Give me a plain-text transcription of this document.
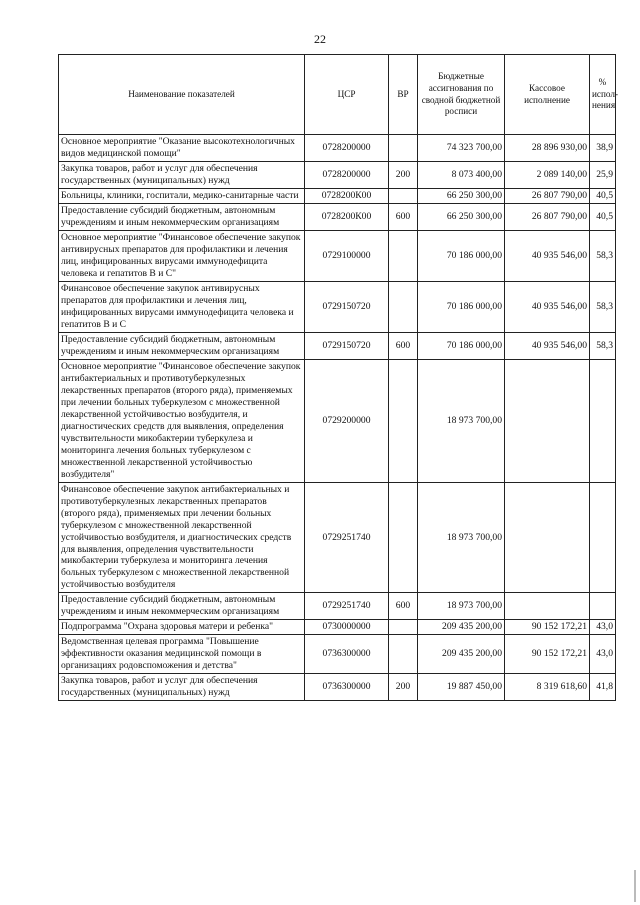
22
Наименование показателей	ЦСР	ВР	Бюджетные ассигнования по сводной бюджетной росписи	Кассовое исполнение	% испол-нения
Основное мероприятие "Оказание высокотехнологичных видов медицинской помощи"	0728200000		74 323 700,00	28 896 930,00	38,9
Закупка товаров, работ и услуг для обеспечения государственных (муниципальных) нужд	0728200000	200	8 073 400,00	2 089 140,00	25,9
Больницы, клиники, госпитали, медико-санитарные части	0728200К00		66 250 300,00	26 807 790,00	40,5
Предоставление субсидий бюджетным, автономным учреждениям и иным некоммерческим организациям	0728200К00	600	66 250 300,00	26 807 790,00	40,5
Основное мероприятие "Финансовое обеспечение закупок антивирусных препаратов для профилактики и лечения лиц, инфицированных вирусами иммунодефицита человека и гепатитов В и С"	0729100000		70 186 000,00	40 935 546,00	58,3
Финансовое обеспечение закупок антивирусных препаратов для профилактики и лечения лиц, инфицированных вирусами иммунодефицита человека и гепатитов В и С	0729150720		70 186 000,00	40 935 546,00	58,3
Предоставление субсидий бюджетным, автономным учреждениям и иным некоммерческим организациям	0729150720	600	70 186 000,00	40 935 546,00	58,3
Основное мероприятие "Финансовое обеспечение закупок антибактериальных и противотуберкулезных лекарственных препаратов (второго ряда), применяемых при лечении больных туберкулезом с множественной лекарственной устойчивостью возбудителя, и диагностических средств для выявления, определения чувствительности микобактерии туберкулеза и мониторинга лечения больных туберкулезом с множественной лекарственной устойчивостью возбудителя"	0729200000		18 973 700,00		
Финансовое обеспечение закупок антибактериальных и противотуберкулезных лекарственных препаратов (второго ряда), применяемых при лечении больных туберкулезом с множественной лекарственной устойчивостью возбудителя, и диагностических средств для выявления, определения чувствительности микобактерии туберкулеза и мониторинга лечения больных туберкулезом с множественной лекарственной устойчивостью возбудителя	0729251740		18 973 700,00		
Предоставление субсидий бюджетным, автономным учреждениям и иным некоммерческим организациям	0729251740	600	18 973 700,00		
Подпрограмма "Охрана здоровья матери и ребенка"	0730000000		209 435 200,00	90 152 172,21	43,0
Ведомственная целевая программа "Повышение эффективности оказания медицинской помощи в организациях родовспоможения и детства"	0736300000		209 435 200,00	90 152 172,21	43,0
Закупка товаров, работ и услуг для обеспечения государственных (муниципальных) нужд	0736300000	200	19 887 450,00	8 319 618,60	41,8
